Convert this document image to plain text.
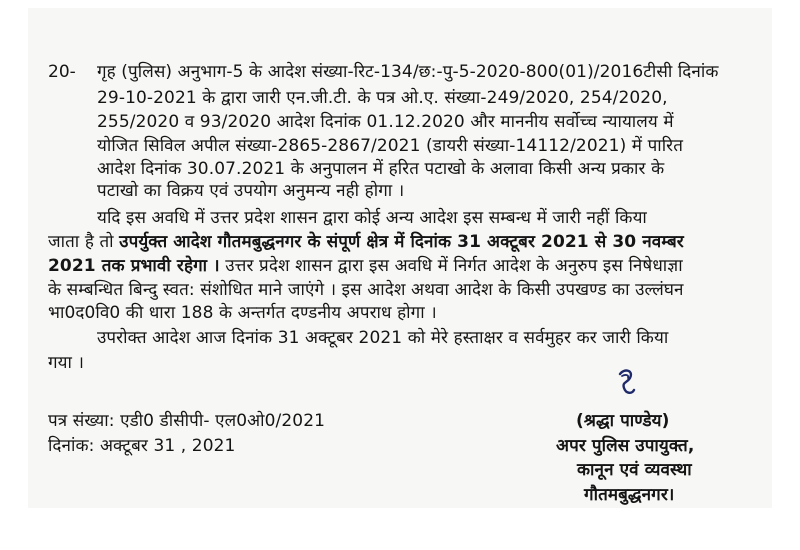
20- गृह (पुलिस) अनुभाग-5 के आदेश संख्या-रिट-134/छ:-पु-5-2020-800(01)/2016टीसी दिनांक
29-10-2021 के द्वारा जारी एन.जी.टी. के पत्र ओ.ए. संख्या-249/2020, 254/2020,
255/2020 व 93/2020 आदेश दिनांक 01.12.2020 और माननीय सर्वोच्च न्यायालय में
योजित सिविल अपील संख्या-2865-2867/2021 (डायरी संख्या-14112/2021) में पारित
आदेश दिनांक 30.07.2021 के अनुपालन में हरित पटाखो के अलावा किसी अन्य प्रकार के
पटाखो का विक्रय एवं उपयोग अनुमन्य नही होगा ।
यदि इस अवधि में उत्तर प्रदेश शासन द्वारा कोई अन्य आदेश इस सम्बन्ध में जारी नहीं किया
जाता है तो उपर्युक्त आदेश गौतमबुद्धनगर के संपूर्ण क्षेत्र में दिनांक 31 अक्टूबर 2021 से 30 नवम्बर
2021 तक प्रभावी रहेगा । उत्तर प्रदेश शासन द्वारा इस अवधि में निर्गत आदेश के अनुरुप इस निषेधाज्ञा
के सम्बन्धित बिन्दु स्वत: संशोधित माने जाएंगे । इस आदेश अथवा आदेश के किसी उपखण्ड का उल्लंघन
भा0द0वि0 की धारा 188 के अन्तर्गत दण्डनीय अपराध होगा ।
उपरोक्त आदेश आज दिनांक 31 अक्टूबर 2021 को मेरे हस्ताक्षर व सर्वमुहर कर जारी किया
गया ।
पत्र संख्या: एडी0 डीसीपी- एल0ओ0/2021
दिनांक: अक्टूबर 31 , 2021
(श्रद्धा पाण्डेय)
अपर पुलिस उपायुक्त,
कानून एवं व्यवस्था
गौतमबुद्धनगर।
